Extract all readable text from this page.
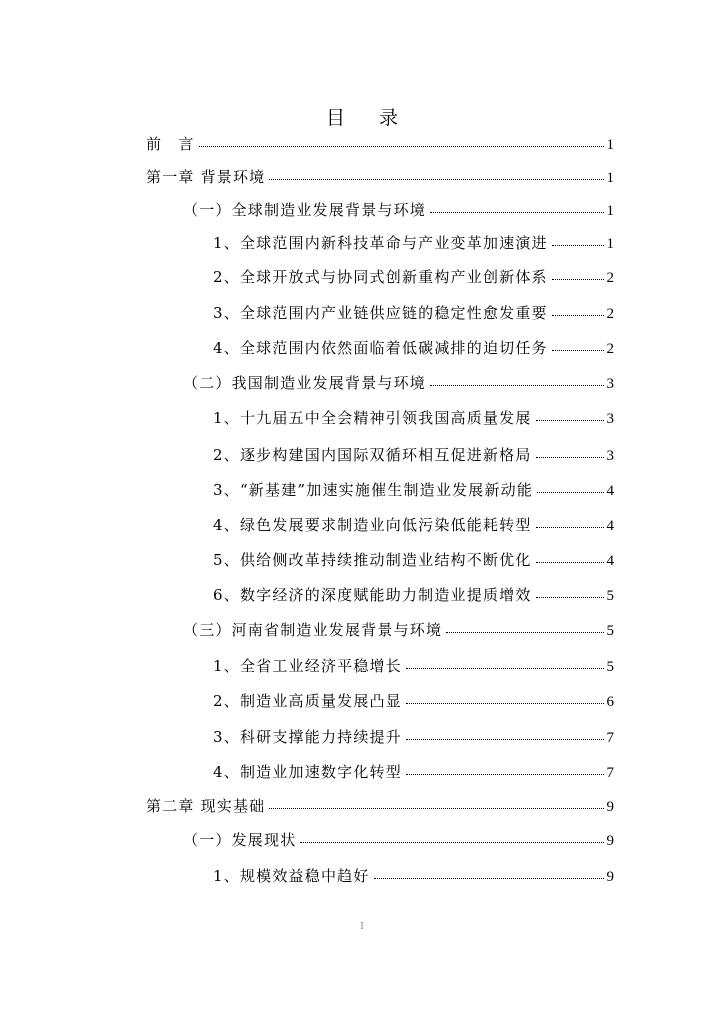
目 录
前　言	1
第一章 背景环境	1
（一）全球制造业发展背景与环境	1
1、全球范围内新科技革命与产业变革加速演进	1
2、全球开放式与协同式创新重构产业创新体系	2
3、全球范围内产业链供应链的稳定性愈发重要	2
4、全球范围内依然面临着低碳减排的迫切任务	2
（二）我国制造业发展背景与环境	3
1、十九届五中全会精神引领我国高质量发展	3
2、逐步构建国内国际双循环相互促进新格局	3
3、“新基建”加速实施催生制造业发展新动能	4
4、绿色发展要求制造业向低污染低能耗转型	4
5、供给侧改革持续推动制造业结构不断优化	4
6、数字经济的深度赋能助力制造业提质增效	5
（三）河南省制造业发展背景与环境	5
1、全省工业经济平稳增长	5
2、制造业高质量发展凸显	6
3、科研支撑能力持续提升	7
4、制造业加速数字化转型	7
第二章 现实基础	9
（一）发展现状	9
1、规模效益稳中趋好	9
I
